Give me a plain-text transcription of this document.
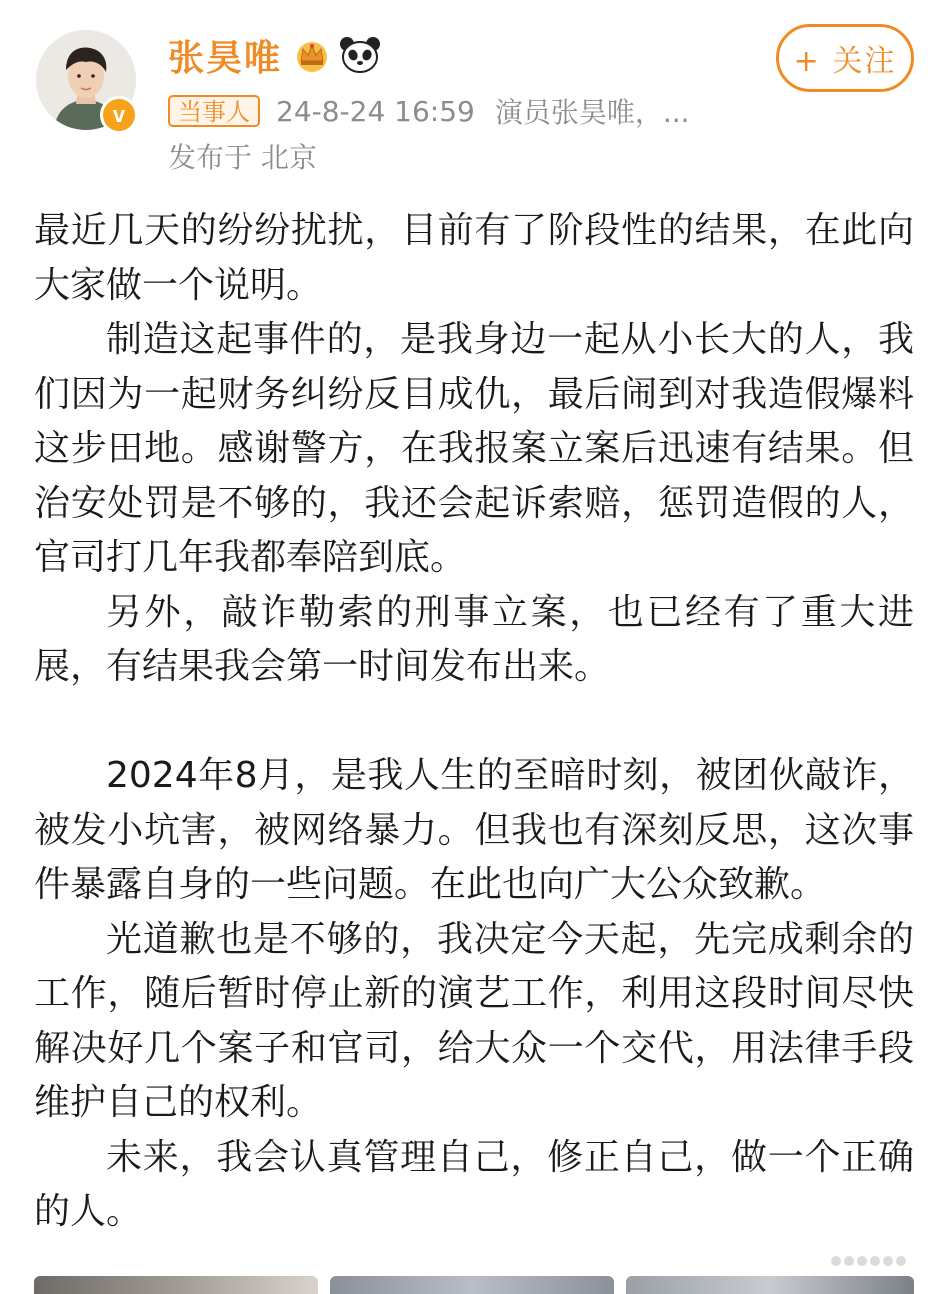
v
张昊唯	+ 关注
当事人 24-8-24 16:59 演员张昊唯，...
发布于 北京

最近几天的纷纷扰扰，目前有了阶段性的结果，在此向大家做一个说明。

制造这起事件的，是我身边一起从小长大的人，我们因为一起财务纠纷反目成仇，最后闹到对我造假爆料这步田地。感谢警方，在我报案立案后迅速有结果。但治安处罚是不够的，我还会起诉索赔，惩罚造假的人，官司打几年我都奉陪到底。

另外，敲诈勒索的刑事立案，也已经有了重大进展，有结果我会第一时间发布出来。

2024年8月，是我人生的至暗时刻，被团伙敲诈，被发小坑害，被网络暴力。但我也有深刻反思，这次事件暴露自身的一些问题。在此也向广大公众致歉。

光道歉也是不够的，我决定今天起，先完成剩余的工作，随后暂时停止新的演艺工作，利用这段时间尽快解决好几个案子和官司，给大众一个交代，用法律手段维护自己的权利。

未来，我会认真管理自己，修正自己，做一个正确的人。
